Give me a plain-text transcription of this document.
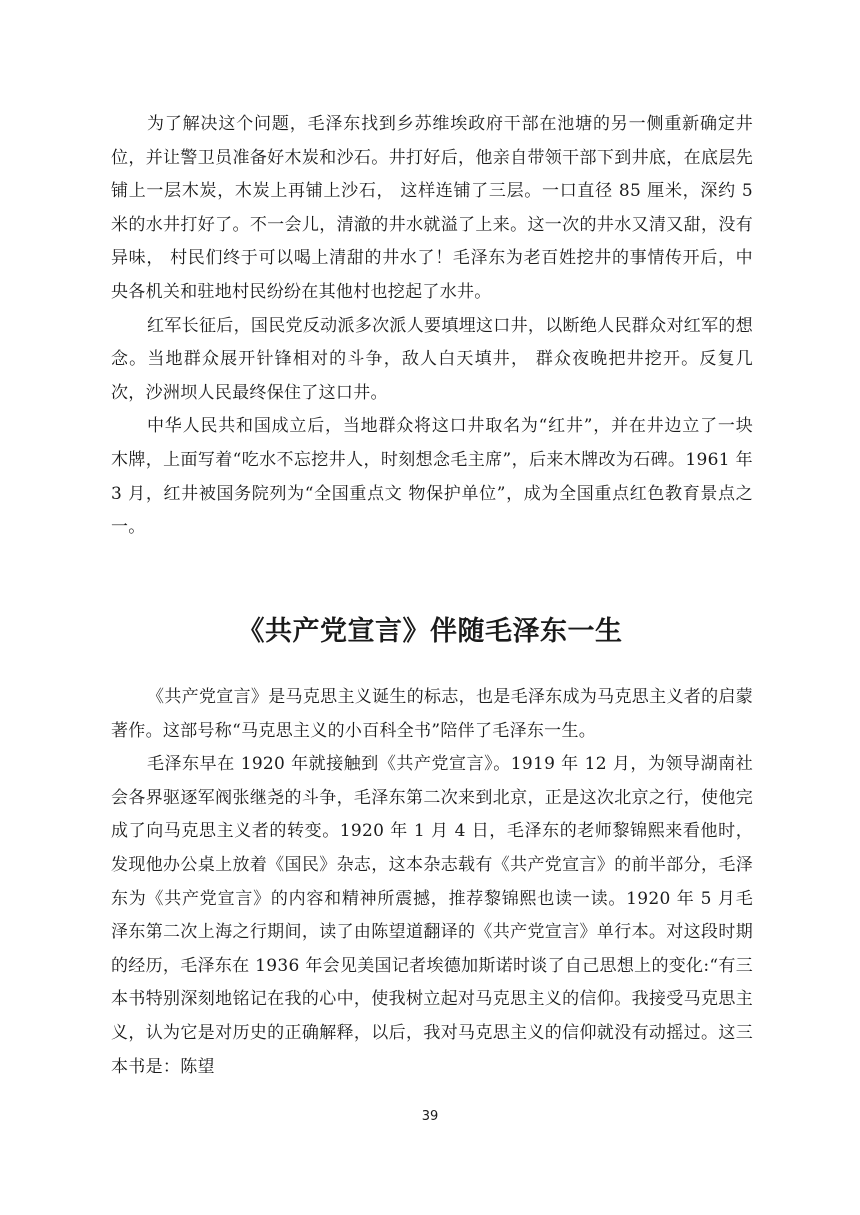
为了解决这个问题，毛泽东找到乡苏维埃政府干部在池塘的另一侧重新确定井位，并让警卫员准备好木炭和沙石。井打好后，他亲自带领干部下到井底，在底层先铺上一层木炭，木炭上再铺上沙石， 这样连铺了三层。一口直径 85 厘米，深约 5 米的水井打好了。不一会儿，清澈的井水就溢了上来。这一次的井水又清又甜，没有异味， 村民们终于可以喝上清甜的井水了！毛泽东为老百姓挖井的事情传开后，中央各机关和驻地村民纷纷在其他村也挖起了水井。

红军长征后，国民党反动派多次派人要填埋这口井，以断绝人民群众对红军的想念。当地群众展开针锋相对的斗争，敌人白天填井， 群众夜晚把井挖开。反复几次，沙洲坝人民最终保住了这口井。

中华人民共和国成立后，当地群众将这口井取名为“红井”，并在井边立了一块木牌，上面写着“吃水不忘挖井人，时刻想念毛主席”，后来木牌改为石碑。1961 年3 月，红井被国务院列为“全国重点文 物保护单位”，成为全国重点红色教育景点之一。

《共产党宣言》伴随毛泽东一生

《共产党宣言》是马克思主义诞生的标志，也是毛泽东成为马克思主义者的启蒙著作。这部号称“马克思主义的小百科全书”陪伴了毛泽东一生。

毛泽东早在 1920 年就接触到《共产党宣言》。1919 年 12 月，为领导湖南社会各界驱逐军阀张继尧的斗争，毛泽东第二次来到北京，正是这次北京之行，使他完成了向马克思主义者的转变。1920 年 1 月 4 日，毛泽东的老师黎锦熙来看他时，发现他办公桌上放着《国民》杂志，这本杂志载有《共产党宣言》的前半部分，毛泽东为《共产党宣言》的内容和精神所震撼，推荐黎锦熙也读一读。1920 年 5 月毛泽东第二次上海之行期间，读了由陈望道翻译的《共产党宣言》单行本。对这段时期的经历，毛泽东在 1936 年会见美国记者埃德加斯诺时谈了自己思想上的变化:“有三本书特别深刻地铭记在我的心中，使我树立起对马克思主义的信仰。我接受马克思主义，认为它是对历史的正确解释，以后，我对马克思主义的信仰就没有动摇过。这三本书是：陈望

39
